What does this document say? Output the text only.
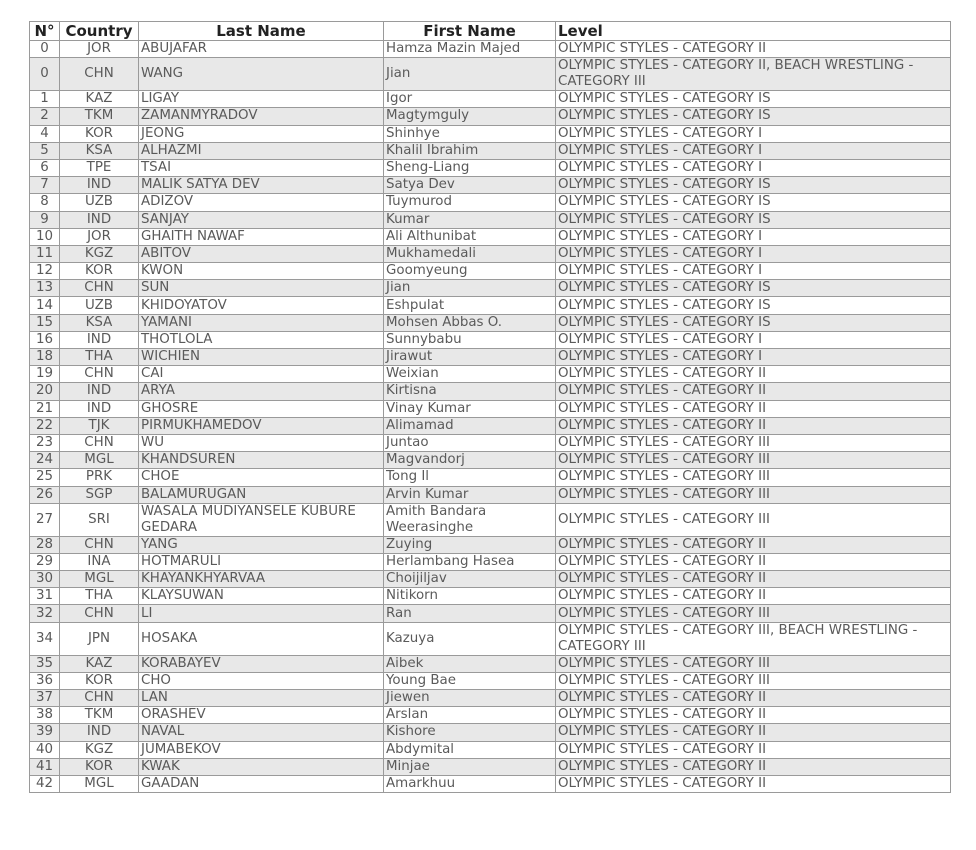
N°	Country	Last Name	First Name	Level
0	JOR	ABUJAFAR	Hamza Mazin Majed	OLYMPIC STYLES - CATEGORY II
0	CHN	WANG	Jian	OLYMPIC STYLES - CATEGORY II, BEACH WRESTLING - CATEGORY III
1	KAZ	LIGAY	Igor	OLYMPIC STYLES - CATEGORY IS
2	TKM	ZAMANMYRADOV	Magtymguly	OLYMPIC STYLES - CATEGORY IS
4	KOR	JEONG	Shinhye	OLYMPIC STYLES - CATEGORY I
5	KSA	ALHAZMI	Khalil Ibrahim	OLYMPIC STYLES - CATEGORY I
6	TPE	TSAI	Sheng-Liang	OLYMPIC STYLES - CATEGORY I
7	IND	MALIK SATYA DEV	Satya Dev	OLYMPIC STYLES - CATEGORY IS
8	UZB	ADIZOV	Tuymurod	OLYMPIC STYLES - CATEGORY IS
9	IND	SANJAY	Kumar	OLYMPIC STYLES - CATEGORY IS
10	JOR	GHAITH NAWAF	Ali Althunibat	OLYMPIC STYLES - CATEGORY I
11	KGZ	ABITOV	Mukhamedali	OLYMPIC STYLES - CATEGORY I
12	KOR	KWON	Goomyeung	OLYMPIC STYLES - CATEGORY I
13	CHN	SUN	Jian	OLYMPIC STYLES - CATEGORY IS
14	UZB	KHIDOYATOV	Eshpulat	OLYMPIC STYLES - CATEGORY IS
15	KSA	YAMANI	Mohsen Abbas O.	OLYMPIC STYLES - CATEGORY IS
16	IND	THOTLOLA	Sunnybabu	OLYMPIC STYLES - CATEGORY I
18	THA	WICHIEN	Jirawut	OLYMPIC STYLES - CATEGORY I
19	CHN	CAI	Weixian	OLYMPIC STYLES - CATEGORY II
20	IND	ARYA	Kirtisna	OLYMPIC STYLES - CATEGORY II
21	IND	GHOSRE	Vinay Kumar	OLYMPIC STYLES - CATEGORY II
22	TJK	PIRMUKHAMEDOV	Alimamad	OLYMPIC STYLES - CATEGORY II
23	CHN	WU	Juntao	OLYMPIC STYLES - CATEGORY III
24	MGL	KHANDSUREN	Magvandorj	OLYMPIC STYLES - CATEGORY III
25	PRK	CHOE	Tong Il	OLYMPIC STYLES - CATEGORY III
26	SGP	BALAMURUGAN	Arvin Kumar	OLYMPIC STYLES - CATEGORY III
27	SRI	WASALA MUDIYANSELE KUBURE GEDARA	Amith Bandara Weerasinghe	OLYMPIC STYLES - CATEGORY III
28	CHN	YANG	Zuying	OLYMPIC STYLES - CATEGORY II
29	INA	HOTMARULI	Herlambang Hasea	OLYMPIC STYLES - CATEGORY II
30	MGL	KHAYANKHYARVAA	Choijiljav	OLYMPIC STYLES - CATEGORY II
31	THA	KLAYSUWAN	Nitikorn	OLYMPIC STYLES - CATEGORY II
32	CHN	LI	Ran	OLYMPIC STYLES - CATEGORY III
34	JPN	HOSAKA	Kazuya	OLYMPIC STYLES - CATEGORY III, BEACH WRESTLING - CATEGORY III
35	KAZ	KORABAYEV	Aibek	OLYMPIC STYLES - CATEGORY III
36	KOR	CHO	Young Bae	OLYMPIC STYLES - CATEGORY III
37	CHN	LAN	Jiewen	OLYMPIC STYLES - CATEGORY II
38	TKM	ORASHEV	Arslan	OLYMPIC STYLES - CATEGORY II
39	IND	NAVAL	Kishore	OLYMPIC STYLES - CATEGORY II
40	KGZ	JUMABEKOV	Abdymital	OLYMPIC STYLES - CATEGORY II
41	KOR	KWAK	Minjae	OLYMPIC STYLES - CATEGORY II
42	MGL	GAADAN	Amarkhuu	OLYMPIC STYLES - CATEGORY II
